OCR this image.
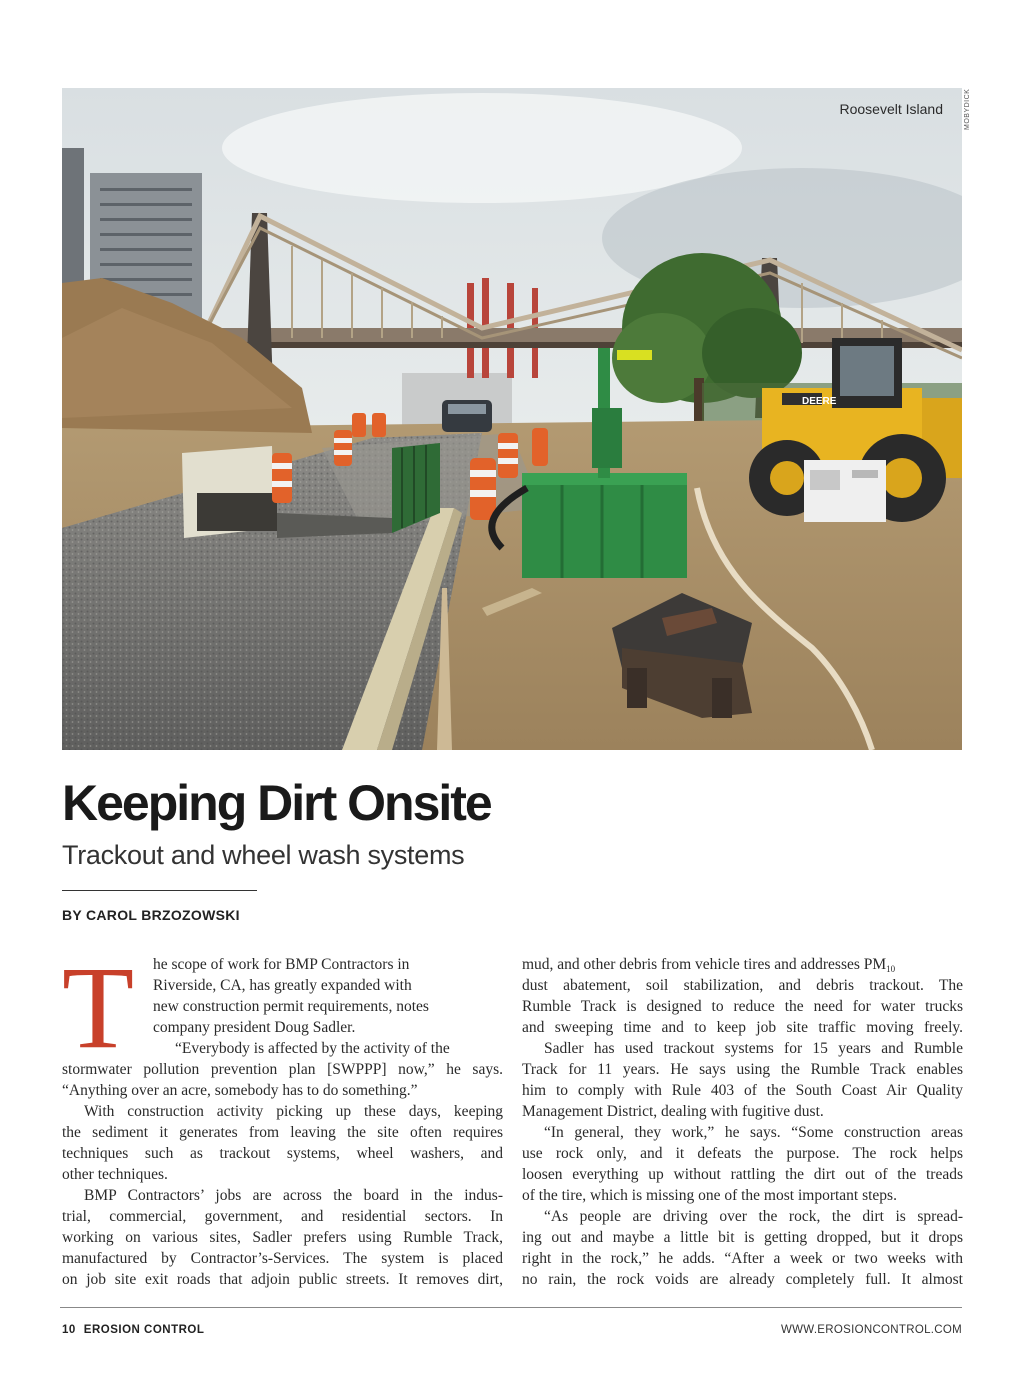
DEERE
Roosevelt Island	MOBYDICK
Keeping Dirt Onsite
Trackout and wheel wash systems
BY CAROL BRZOZOWSKI
T	he scope of work for BMP Contractors in
Riverside, CA, has greatly expanded with
new construction permit requirements, notes
company president Doug Sadler.
“Everybody is affected by the activity of the
stormwater pollution prevention plan [SWPPP] now,” he says.
“Anything over an acre, somebody has to do something.”
With construction activity picking up these days, keeping
the sediment it generates from leaving the site often requires
techniques such as trackout systems, wheel washers, and
other techniques.
BMP Contractors’ jobs are across the board in the indus-
trial, commercial, government, and residential sectors. In
working on various sites, Sadler prefers using Rumble Track,
manufactured by Contractor’s-Services. The system is placed
on job site exit roads that adjoin public streets. It removes dirt,
mud, and other debris from vehicle tires and addresses $PM_{10}$
dust abatement, soil stabilization, and debris trackout. The
Rumble Track is designed to reduce the need for water trucks
and sweeping time and to keep job site traffic moving freely.
Sadler has used trackout systems for 15 years and Rumble
Track for 11 years. He says using the Rumble Track enables
him to comply with Rule 403 of the South Coast Air Quality
Management District, dealing with fugitive dust.
“In general, they work,” he says. “Some construction areas
use rock only, and it defeats the purpose. The rock helps
loosen everything up without rattling the dirt out of the treads
of the tire, which is missing one of the most important steps.
“As people are driving over the rock, the dirt is spread-
ing out and maybe a little bit is getting dropped, but it drops
right in the rock,” he adds. “After a week or two weeks with
no rain, the rock voids are already completely full. It almost
10 EROSION CONTROL	WWW.EROSIONCONTROL.COM
